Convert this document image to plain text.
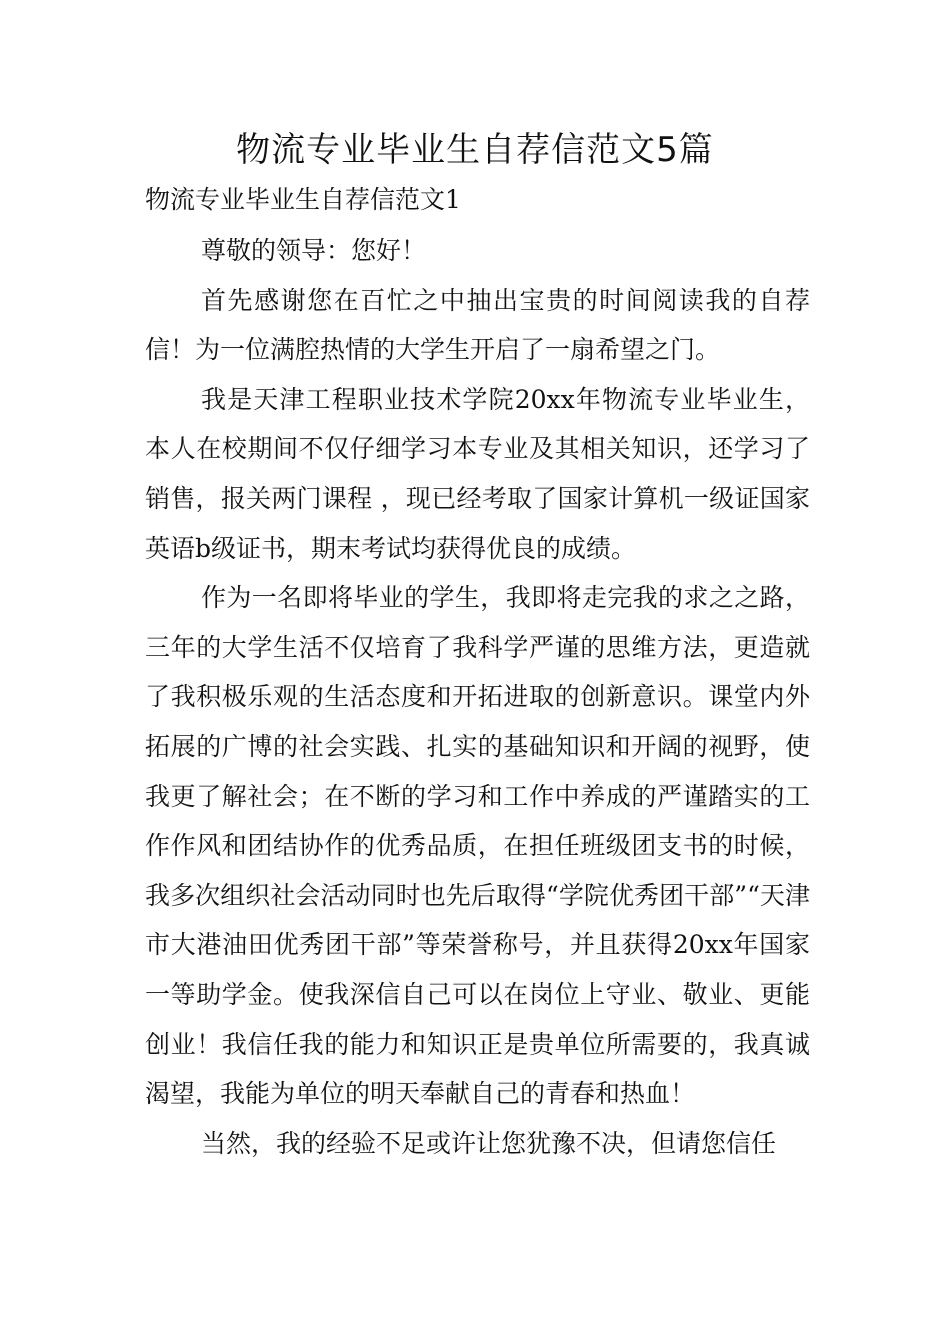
物流专业毕业生自荐信范文5篇

物流专业毕业生自荐信范文1

尊敬的领导：您好！

首先感谢您在百忙之中抽出宝贵的时间阅读我的自荐信！为一位满腔热情的大学生开启了一扇希望之门。

我是天津工程职业技术学院20xx年物流专业毕业生，本人在校期间不仅仔细学习本专业及其相关知识，还学习了销售，报关两门课程 ，现已经考取了国家计算机一级证国家英语b级证书，期末考试均获得优良的成绩。

作为一名即将毕业的学生，我即将走完我的求之之路，三年的大学生活不仅培育了我科学严谨的思维方法，更造就了我积极乐观的生活态度和开拓进取的创新意识。课堂内外拓展的广博的社会实践、扎实的基础知识和开阔的视野，使我更了解社会；在不断的学习和工作中养成的严谨踏实的工作作风和团结协作的优秀品质，在担任班级团支书的时候，我多次组织社会活动同时也先后取得“学院优秀团干部”“天津市大港油田优秀团干部”等荣誉称号，并且获得20xx年国家一等助学金。使我深信自己可以在岗位上守业、敬业、更能创业！我信任我的能力和知识正是贵单位所需要的，我真诚渴望，我能为单位的明天奉献自己的青春和热血！

当然，我的经验不足或许让您犹豫不决，但请您信任
